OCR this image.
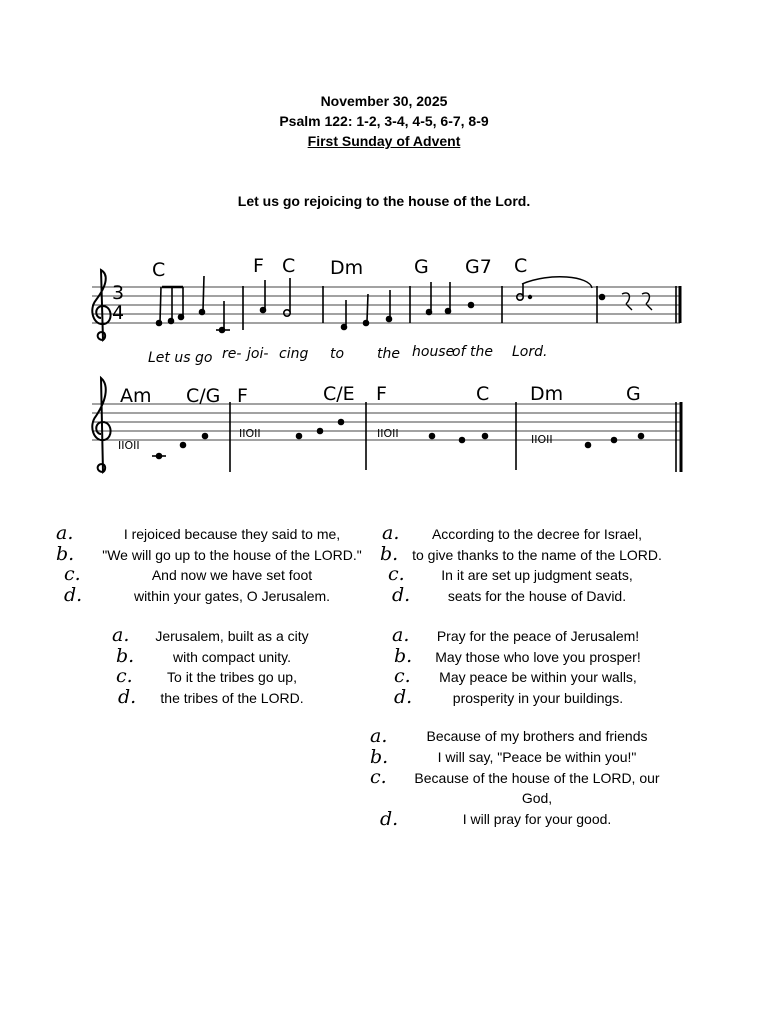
November 30, 2025
Psalm 122: 1-2, 3-4, 4-5, 6-7, 8-9
First Sunday of Advent
Let us go rejoicing to the house of the Lord.
3
4
C	F C Dm	G G7 C
Let us go re- joi- cing to the house
of the Lord.
Am C/G F	C/E F	C Dm	G
IIOII
IIOII	IIOII	IIOII
a.	I rejoiced because they said to me,
b.	"We will go up to the house of the LORD."
c.	And now we have set foot
d.	within your gates, O Jerusalem.
a.	Jerusalem, built as a city
b.	with compact unity.
c.	To it the tribes go up,
d.	the tribes of the LORD.
a.	According to the decree for Israel,
b. to give thanks to the name of the LORD.
c.	In it are set up judgment seats,
d.	seats for the house of David.
a.	Pray for the peace of Jerusalem!
b.	May those who love you prosper!
c.	May peace be within your walls,
d.	prosperity in your buildings.
a.	Because of my brothers and friends
b.	I will say, "Peace be within you!"
c.	Because of the house of the LORD, our God,
d.	I will pray for your good.
